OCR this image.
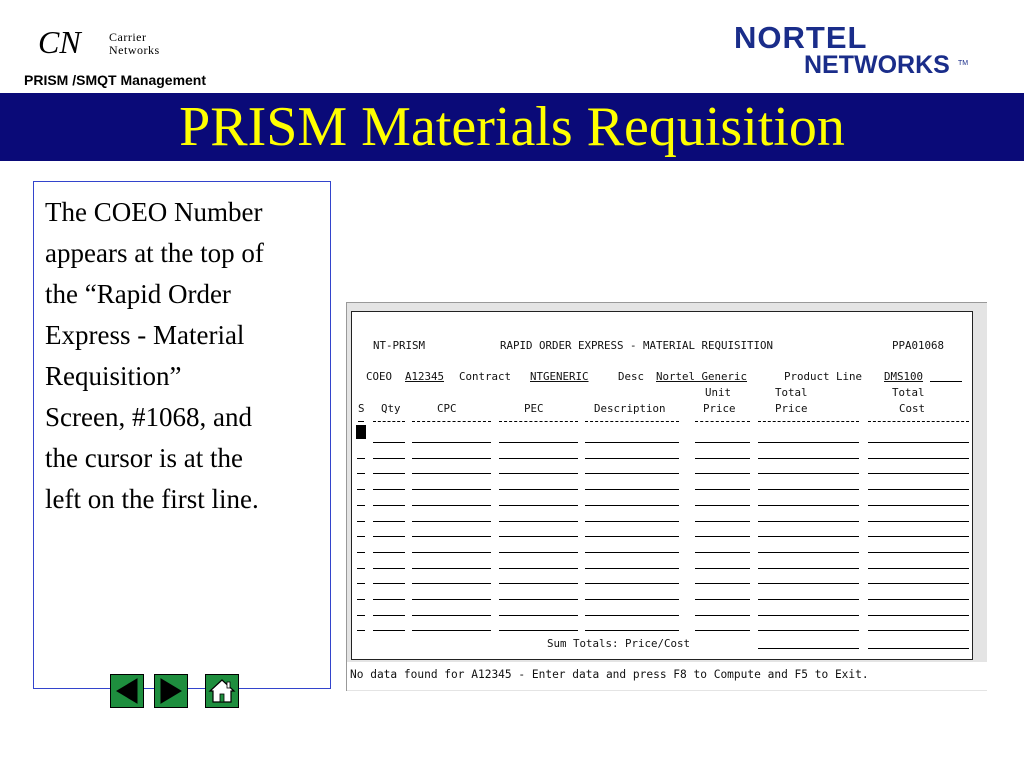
CN Carrier
Networks
PRISM /SMQT Management
NORTEL
NETWORKS TM
PRISM Materials Requisition
The COEO Number
appears at the top of
the “Rapid Order
Express - Material
Requisition”
Screen, #1068, and
the cursor is at the
left on the first line.
NT-PRISM	RAPID ORDER EXPRESS - MATERIAL REQUISITION	PPA01068
COEO A12345 Contract NTGENERIC	Desc Nortel Generic	Product Line DMS100
Unit	Total	Total
S Qty	CPC	PEC	Description	Price	Price	Cost
Sum Totals: Price/Cost
No data found for A12345 - Enter data and press F8 to Compute and F5 to Exit.
